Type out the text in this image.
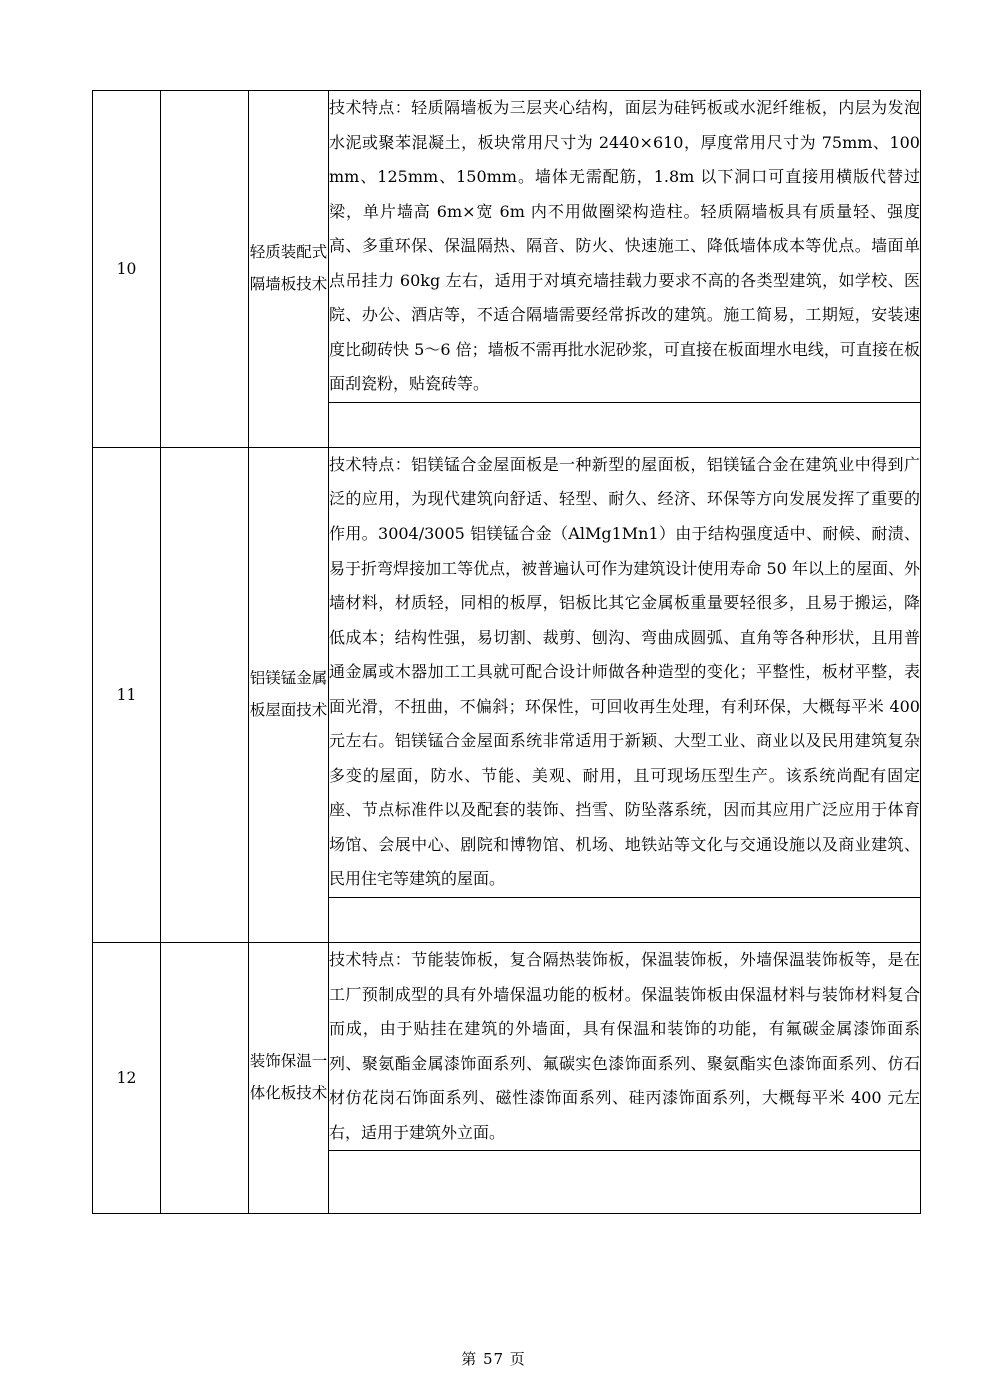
10		轻质装配式隔墙板技术	技术特点：轻质隔墙板为三层夹心结构，面层为硅钙板或水泥纤维板，内层为发泡水泥或聚苯混凝土，板块常用尺寸为 2440×610，厚度常用尺寸为 75mm、100mm、125mm、150mm。墙体无需配筋，1.8m 以下洞口可直接用横版代替过梁，单片墙高 6m×宽 6m 内不用做圈梁构造柱。轻质隔墙板具有质量轻、强度高、多重环保、保温隔热、隔音、防火、快速施工、降低墙体成本等优点。墙面单点吊挂力 60kg 左右，适用于对填充墙挂载力要求不高的各类型建筑，如学校、医院、办公、酒店等，不适合隔墙需要经常拆改的建筑。施工简易，工期短，安装速度比砌砖快 5～6 倍；墙板不需再批水泥砂浆，可直接在板面埋水电线，可直接在板面刮瓷粉，贴瓷砖等。

11		铝镁锰金属板屋面技术	技术特点：铝镁锰合金屋面板是一种新型的屋面板，铝镁锰合金在建筑业中得到广泛的应用，为现代建筑向舒适、轻型、耐久、经济、环保等方向发展发挥了重要的作用。3004/3005 铝镁锰合金（AlMg1Mn1）由于结构强度适中、耐候、耐渍、易于折弯焊接加工等优点，被普遍认可作为建筑设计使用寿命 50 年以上的屋面、外墙材料，材质轻，同相的板厚，铝板比其它金属板重量要轻很多，且易于搬运，降低成本；结构性强，易切割、裁剪、刨沟、弯曲成圆弧、直角等各种形状，且用普通金属或木器加工工具就可配合设计师做各种造型的变化；平整性，板材平整，表面光滑，不扭曲，不偏斜；环保性，可回收再生处理，有利环保，大概每平米 400 元左右。铝镁锰合金屋面系统非常适用于新颖、大型工业、商业以及民用建筑复杂多变的屋面，防水、节能、美观、耐用，且可现场压型生产。该系统尚配有固定座、节点标准件以及配套的装饰、挡雪、防坠落系统，因而其应用广泛应用于体育场馆、会展中心、剧院和博物馆、机场、地铁站等文化与交通设施以及商业建筑、民用住宅等建筑的屋面。

12		装饰保温一体化板技术	技术特点：节能装饰板，复合隔热装饰板，保温装饰板，外墙保温装饰板等，是在工厂预制成型的具有外墙保温功能的板材。保温装饰板由保温材料与装饰材料复合而成，由于贴挂在建筑的外墙面，具有保温和装饰的功能，有氟碳金属漆饰面系列、聚氨酯金属漆饰面系列、氟碳实色漆饰面系列、聚氨酯实色漆饰面系列、仿石材仿花岗石饰面系列、磁性漆饰面系列、硅丙漆饰面系列，大概每平米 400 元左右，适用于建筑外立面。

第 57 页
